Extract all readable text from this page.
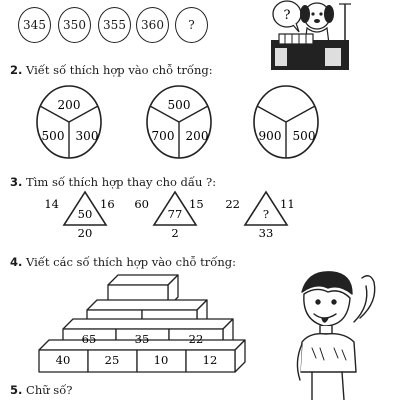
345 350 355 360 ?
?
2. Viết số thích hợp vào chỗ trống:
200
500 300
500
700 200	900 500
3. Tìm số thích hợp thay cho dấu ?:
14	16
50
20
60	15
77
2
22	11
?
33
4. Viết các số thích hợp vào chỗ trống:
65	35	22
40	25	10	12
5. Chữ số?
